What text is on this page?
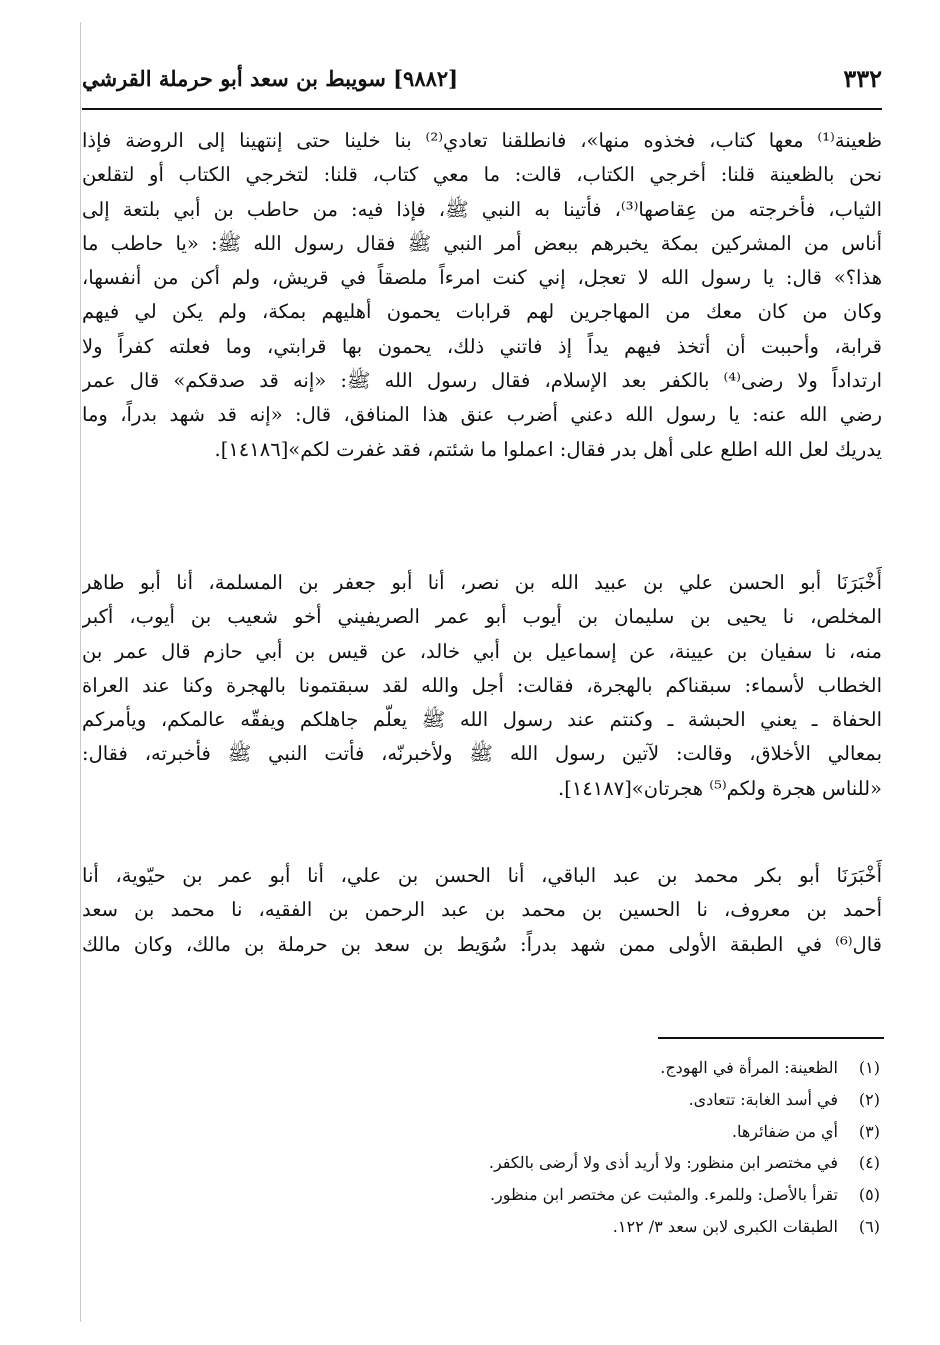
٣٣٢
[٩٨٨٢] سويبط بن سعد أبو حرملة القرشي
ظعينة⁽¹⁾ معها كتاب، فخذوه منها»، فانطلقنا تعادي⁽²⁾ بنا خلينا حتى إنتهينا إلى الروضة فإذا
نحن بالظعينة قلنا: أخرجي الكتاب، قالت: ما معي كتاب، قلنا: لتخرجي الكتاب أو لتقلعن
الثياب، فأخرجته من عِقاصها⁽³⁾، فأتينا به النبي ﷺ، فإذا فيه: من حاطب بن أبي بلتعة إلى
أناس من المشركين بمكة يخبرهم ببعض أمر النبي ﷺ فقال رسول الله ﷺ: «يا حاطب ما
هذا؟» قال: يا رسول الله لا تعجل، إني كنت امرءاً ملصقاً في قريش، ولم أكن من أنفسها،
وكان من كان معك من المهاجرين لهم قرابات يحمون أهليهم بمكة، ولم يكن لي فيهم
قرابة، وأحببت أن أتخذ فيهم يداً إذ فاتني ذلك، يحمون بها قرابتي، وما فعلته كفراً ولا
ارتداداً ولا رضى⁽⁴⁾ بالكفر بعد الإسلام، فقال رسول الله ﷺ: «إنه قد صدقكم» قال عمر
رضي الله عنه: يا رسول الله دعني أضرب عنق هذا المنافق، قال: «إنه قد شهد بدراً، وما
يدريك لعل الله اطلع على أهل بدر فقال: اعملوا ما شئتم، فقد غفرت لكم»[١٤١٨٦].
أَخْبَرَنَا أبو الحسن علي بن عبيد الله بن نصر، أنا أبو جعفر بن المسلمة، أنا أبو طاهر
المخلص، نا يحيى بن سليمان بن أيوب أبو عمر الصريفيني أخو شعيب بن أيوب، أكبر
منه، نا سفيان بن عيينة، عن إسماعيل بن أبي خالد، عن قيس بن أبي حازم قال عمر بن
الخطاب لأسماء: سبقناكم بالهجرة، فقالت: أجل والله لقد سبقتمونا بالهجرة وكنا عند العراة
الحفاة ـ يعني الحبشة ـ وكنتم عند رسول الله ﷺ يعلّم جاهلكم ويفقّه عالمكم، ويأمركم
بمعالي الأخلاق، وقالت: لآتين رسول الله ﷺ ولأخبرنّه، فأتت النبي ﷺ فأخبرته، فقال:
«للناس هجرة ولكم⁽⁵⁾ هجرتان»[١٤١٨٧].
أَخْبَرَنَا أبو بكر محمد بن عبد الباقي، أنا الحسن بن علي، أنا أبو عمر بن حيّوية، أنا
أحمد بن معروف، نا الحسين بن محمد بن عبد الرحمن بن الفقيه، نا محمد بن سعد
قال⁽⁶⁾ في الطبقة الأولى ممن شهد بدراً: سُوَيط بن سعد بن حرملة بن مالك، وكان مالك
(١)الظعينة: المرأة في الهودج.
(٢)في أسد الغابة: تتعادى.
(٣)أي من ضفائرها.
(٤)في مختصر ابن منظور: ولا أريد أذى ولا أرضى بالكفر.
(٥)تقرأ بالأصل: وللمرء. والمثبت عن مختصر ابن منظور.
(٦)الطبقات الكبرى لابن سعد ٣/ ١٢٢.
